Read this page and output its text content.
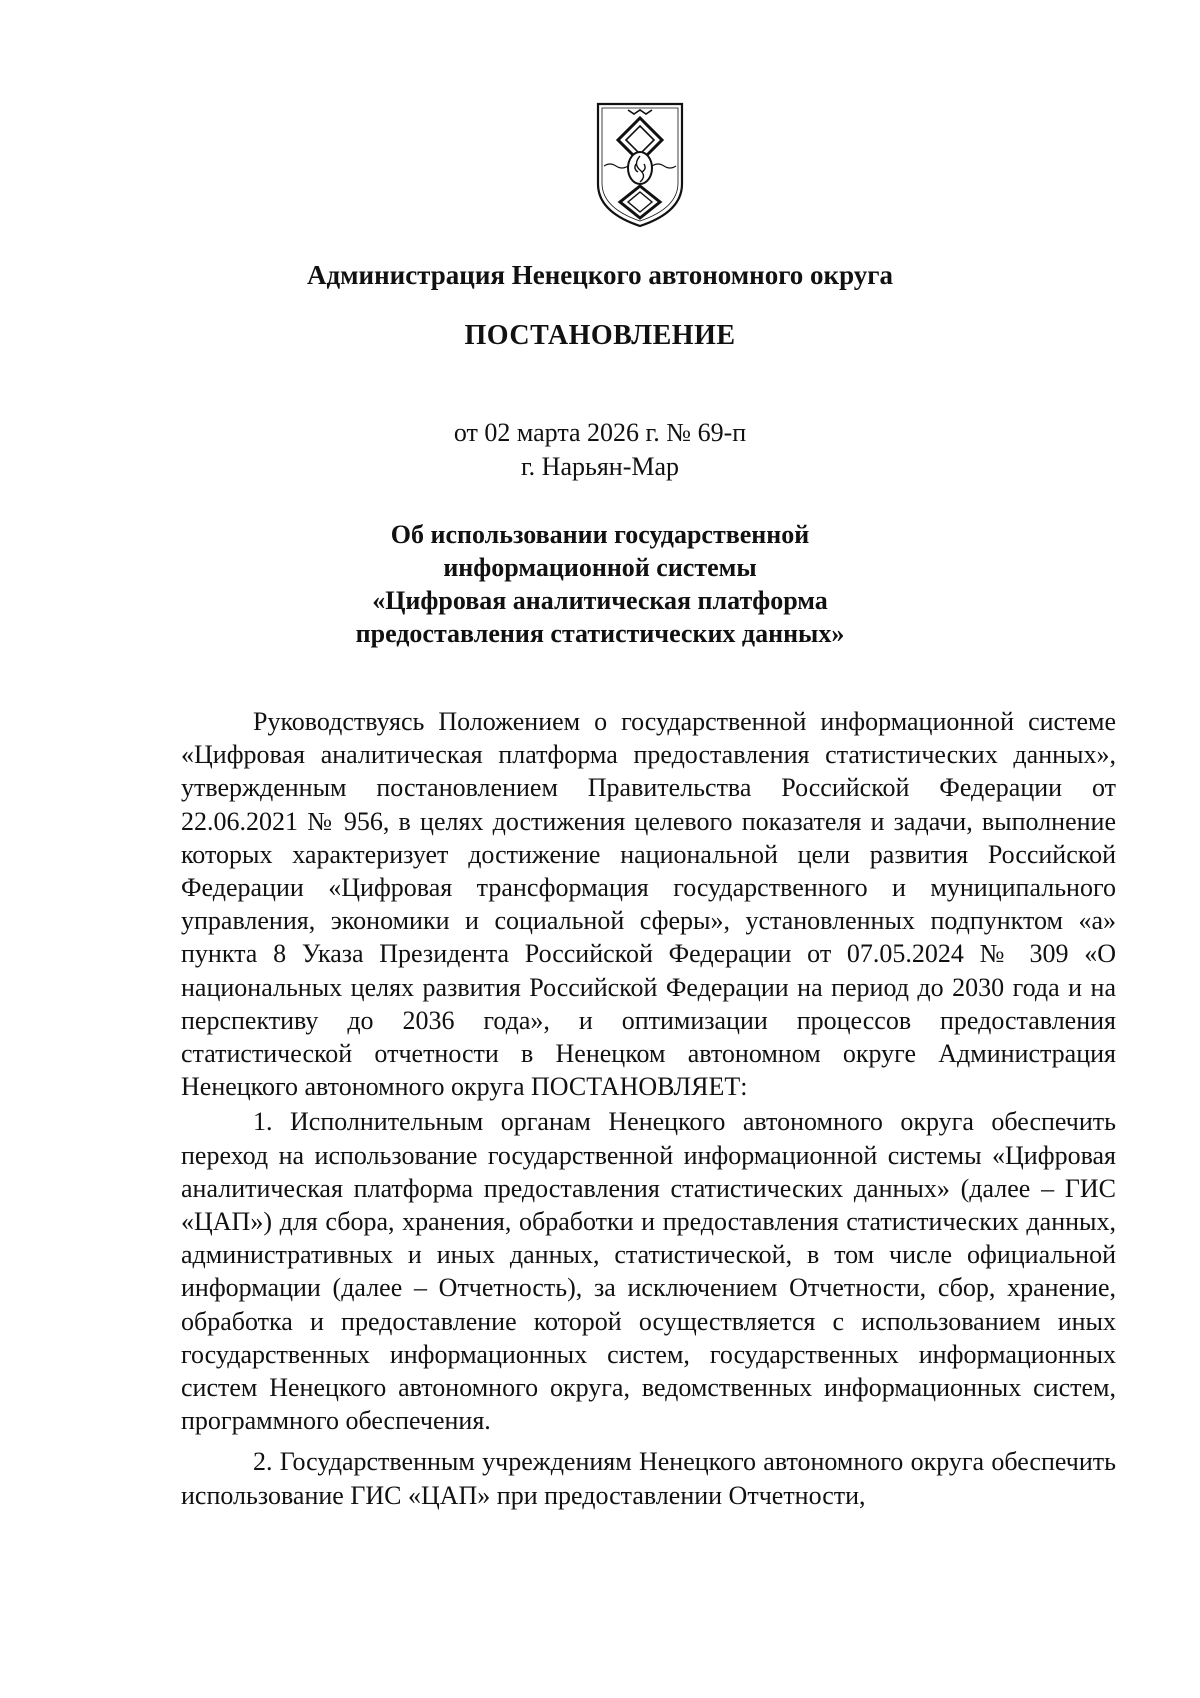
Администрация Ненецкого автономного округа
ПОСТАНОВЛЕНИЕ
от 02 марта 2026 г. № 69-п
г. Нарьян-Мар
Об использовании государственной
информационной системы
«Цифровая аналитическая платформа
предоставления статистических данных»

Руководствуясь Положением о государственной информационной системе «Цифровая аналитическая платформа предоставления статистических данных», утвержденным постановлением Правительства Российской Федерации от 22.06.2021 № 956, в целях достижения целевого показателя и задачи, выполнение которых характеризует достижение национальной цели развития Российской Федерации «Цифровая трансформация государственного и муниципального управления, экономики и социальной сферы», установленных подпунктом «а» пункта 8 Указа Президента Российской Федерации от 07.05.2024 № 309 «О национальных целях развития Российской Федерации на период до 2030 года и на перспективу до 2036 года», и оптимизации процессов предоставления статистической отчетности в Ненецком автономном округе Администрация Ненецкого автономного округа ПОСТАНОВЛЯЕТ:

1. Исполнительным органам Ненецкого автономного округа обеспечить переход на использование государственной информационной системы «Цифровая аналитическая платформа предоставления статистических данных» (далее – ГИС «ЦАП») для сбора, хранения, обработки и предоставления статистических данных, административных и иных данных, статистической, в том числе официальной информации (далее – Отчетность), за исключением Отчетности, сбор, хранение, обработка и предоставление которой осуществляется с использованием иных государственных информационных систем, государственных информационных систем Ненецкого автономного округа, ведомственных информационных систем, программного обеспечения.

2. Государственным учреждениям Ненецкого автономного округа обеспечить использование ГИС «ЦАП» при предоставлении Отчетности,
